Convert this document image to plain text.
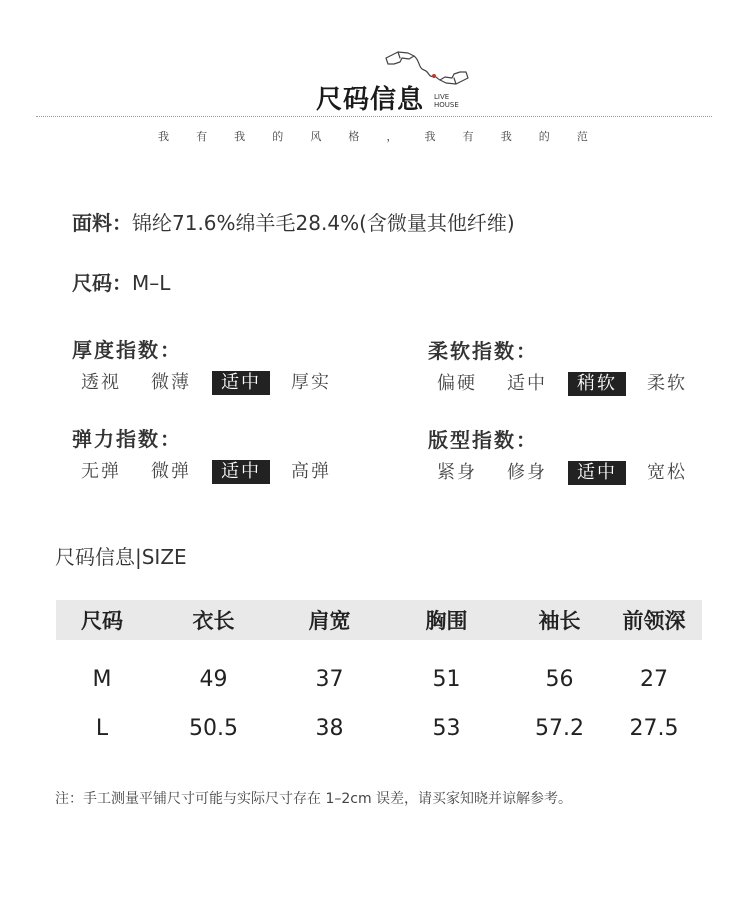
尺码信息 LIVE
HOUSE
我 有 我 的 风 格 ， 我 有 我 的 范
面料：锦纶71.6%绵羊毛28.4%(含微量其他纤维)
尺码：M–L
厚度指数：
透视	微薄	适中	厚实
柔软指数：
偏硬	适中	稍软	柔软
弹力指数：
无弹	微弹	适中	高弹
版型指数：
紧身	修身	适中	宽松
尺码信息|SIZE
尺码	衣长	肩宽	胸围	袖长	前领深
M	49	37	51	56	27
L	50.5	38	53	57.2	27.5
注：手工测量平铺尺寸可能与实际尺寸存在 1–2cm 误差，请买家知晓并谅解参考。
